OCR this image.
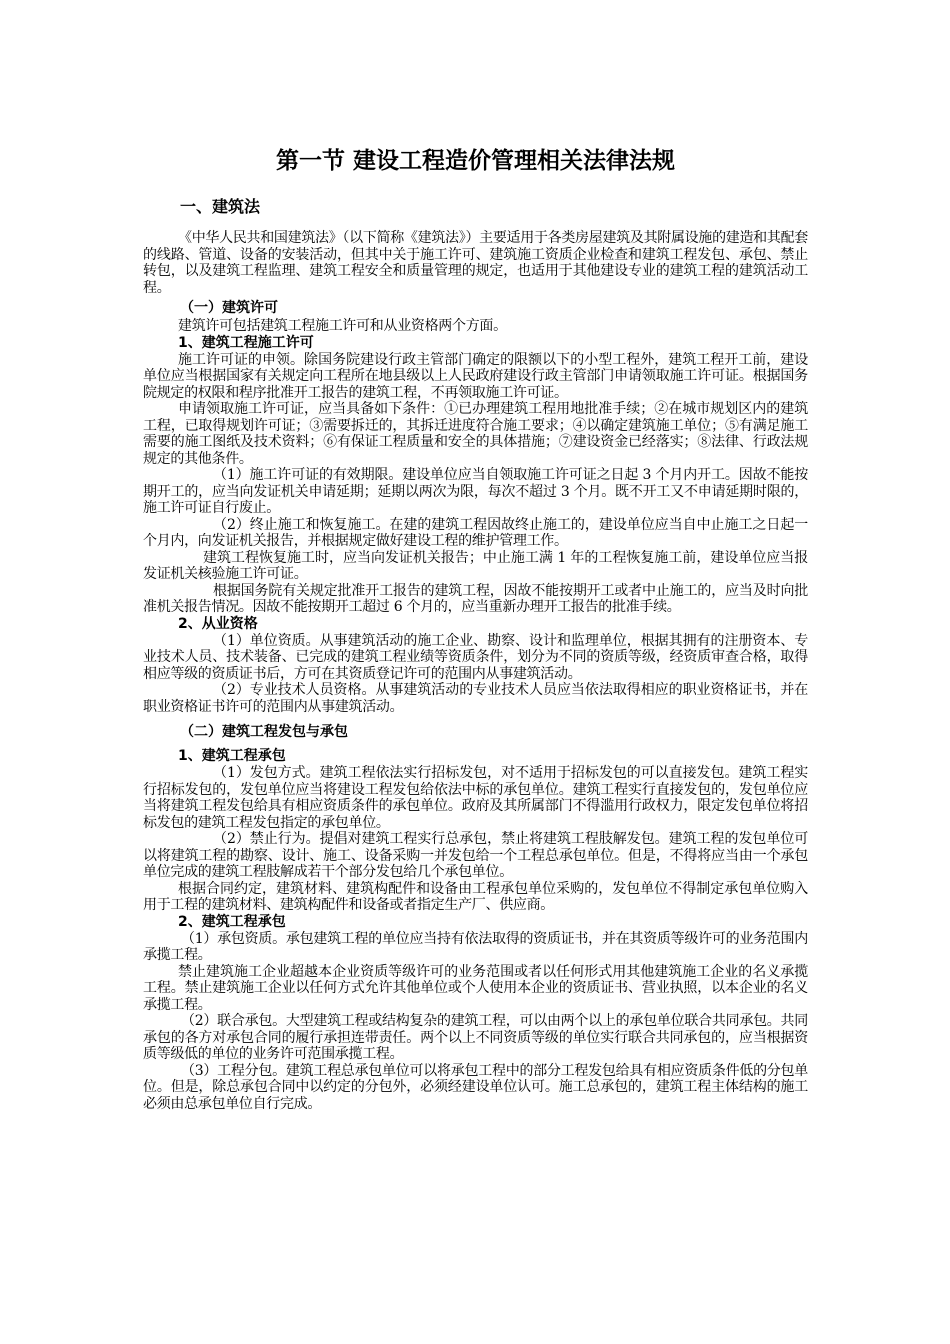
第一节 建设工程造价管理相关法律法规
一、建筑法

《中华人民共和国建筑法》（以下简称《建筑法》）主要适用于各类房屋建筑及其附属设施的建造和其配套的线路、管道、设备的安装活动，但其中关于施工许可、建筑施工资质企业检查和建筑工程发包、承包、禁止转包，以及建筑工程监理、建筑工程安全和质量管理的规定，也适用于其他建设专业的建筑工程的建筑活动工程。

（一）建筑许可

建筑许可包括建筑工程施工许可和从业资格两个方面。

1、建筑工程施工许可

施工许可证的申领。除国务院建设行政主管部门确定的限额以下的小型工程外，建筑工程开工前，建设单位应当根据国家有关规定向工程所在地县级以上人民政府建设行政主管部门申请领取施工许可证。根据国务院规定的权限和程序批准开工报告的建筑工程，不再领取施工许可证。

申请领取施工许可证，应当具备如下条件：①已办理建筑工程用地批准手续；②在城市规划区内的建筑工程，已取得规划许可证；③需要拆迁的，其拆迁进度符合施工要求；④以确定建筑施工单位；⑤有满足施工需要的施工图纸及技术资料；⑥有保证工程质量和安全的具体措施；⑦建设资金已经落实；⑧法律、行政法规规定的其他条件。

（1）施工许可证的有效期限。建设单位应当自领取施工许可证之日起 3 个月内开工。因故不能按期开工的，应当向发证机关申请延期；延期以两次为限，每次不超过 3 个月。既不开工又不申请延期时限的，施工许可证自行废止。

（2）终止施工和恢复施工。在建的建筑工程因故终止施工的，建设单位应当自中止施工之日起一个月内，向发证机关报告，并根据规定做好建设工程的维护管理工作。

建筑工程恢复施工时，应当向发证机关报告；中止施工满 1 年的工程恢复施工前，建设单位应当报发证机关核验施工许可证。

根据国务院有关规定批准开工报告的建筑工程，因故不能按期开工或者中止施工的，应当及时向批准机关报告情况。因故不能按期开工超过 6 个月的，应当重新办理开工报告的批准手续。

2、从业资格

（1）单位资质。从事建筑活动的施工企业、勘察、设计和监理单位，根据其拥有的注册资本、专业技术人员、技术装备、已完成的建筑工程业绩等资质条件，划分为不同的资质等级，经资质审查合格，取得相应等级的资质证书后，方可在其资质登记许可的范围内从事建筑活动。

（2）专业技术人员资格。从事建筑活动的专业技术人员应当依法取得相应的职业资格证书，并在职业资格证书许可的范围内从事建筑活动。

（二）建筑工程发包与承包
1、建筑工程承包

（1）发包方式。建筑工程依法实行招标发包，对不适用于招标发包的可以直接发包。建筑工程实行招标发包的，发包单位应当将建设工程发包给依法中标的承包单位。建筑工程实行直接发包的，发包单位应当将建筑工程发包给具有相应资质条件的承包单位。政府及其所属部门不得滥用行政权力，限定发包单位将招标发包的建筑工程发包指定的承包单位。

（2）禁止行为。提倡对建筑工程实行总承包，禁止将建筑工程肢解发包。建筑工程的发包单位可以将建筑工程的勘察、设计、施工、设备采购一并发包给一个工程总承包单位。但是，不得将应当由一个承包单位完成的建筑工程肢解成若干个部分发包给几个承包单位。

根据合同约定，建筑材料、建筑构配件和设备由工程承包单位采购的，发包单位不得制定承包单位购入用于工程的建筑材料、建筑构配件和设备或者指定生产厂、供应商。

2、建筑工程承包

（1）承包资质。承包建筑工程的单位应当持有依法取得的资质证书，并在其资质等级许可的业务范围内承揽工程。

禁止建筑施工企业超越本企业资质等级许可的业务范围或者以任何形式用其他建筑施工企业的名义承揽工程。禁止建筑施工企业以任何方式允许其他单位或个人使用本企业的资质证书、营业执照，以本企业的名义承揽工程。

（2）联合承包。大型建筑工程或结构复杂的建筑工程，可以由两个以上的承包单位联合共同承包。共同承包的各方对承包合同的履行承担连带责任。两个以上不同资质等级的单位实行联合共同承包的，应当根据资质等级低的单位的业务许可范围承揽工程。

（3）工程分包。建筑工程总承包单位可以将承包工程中的部分工程发包给具有相应资质条件低的分包单位。但是，除总承包合同中以约定的分包外，必须经建设单位认可。施工总承包的，建筑工程主体结构的施工必须由总承包单位自行完成。
